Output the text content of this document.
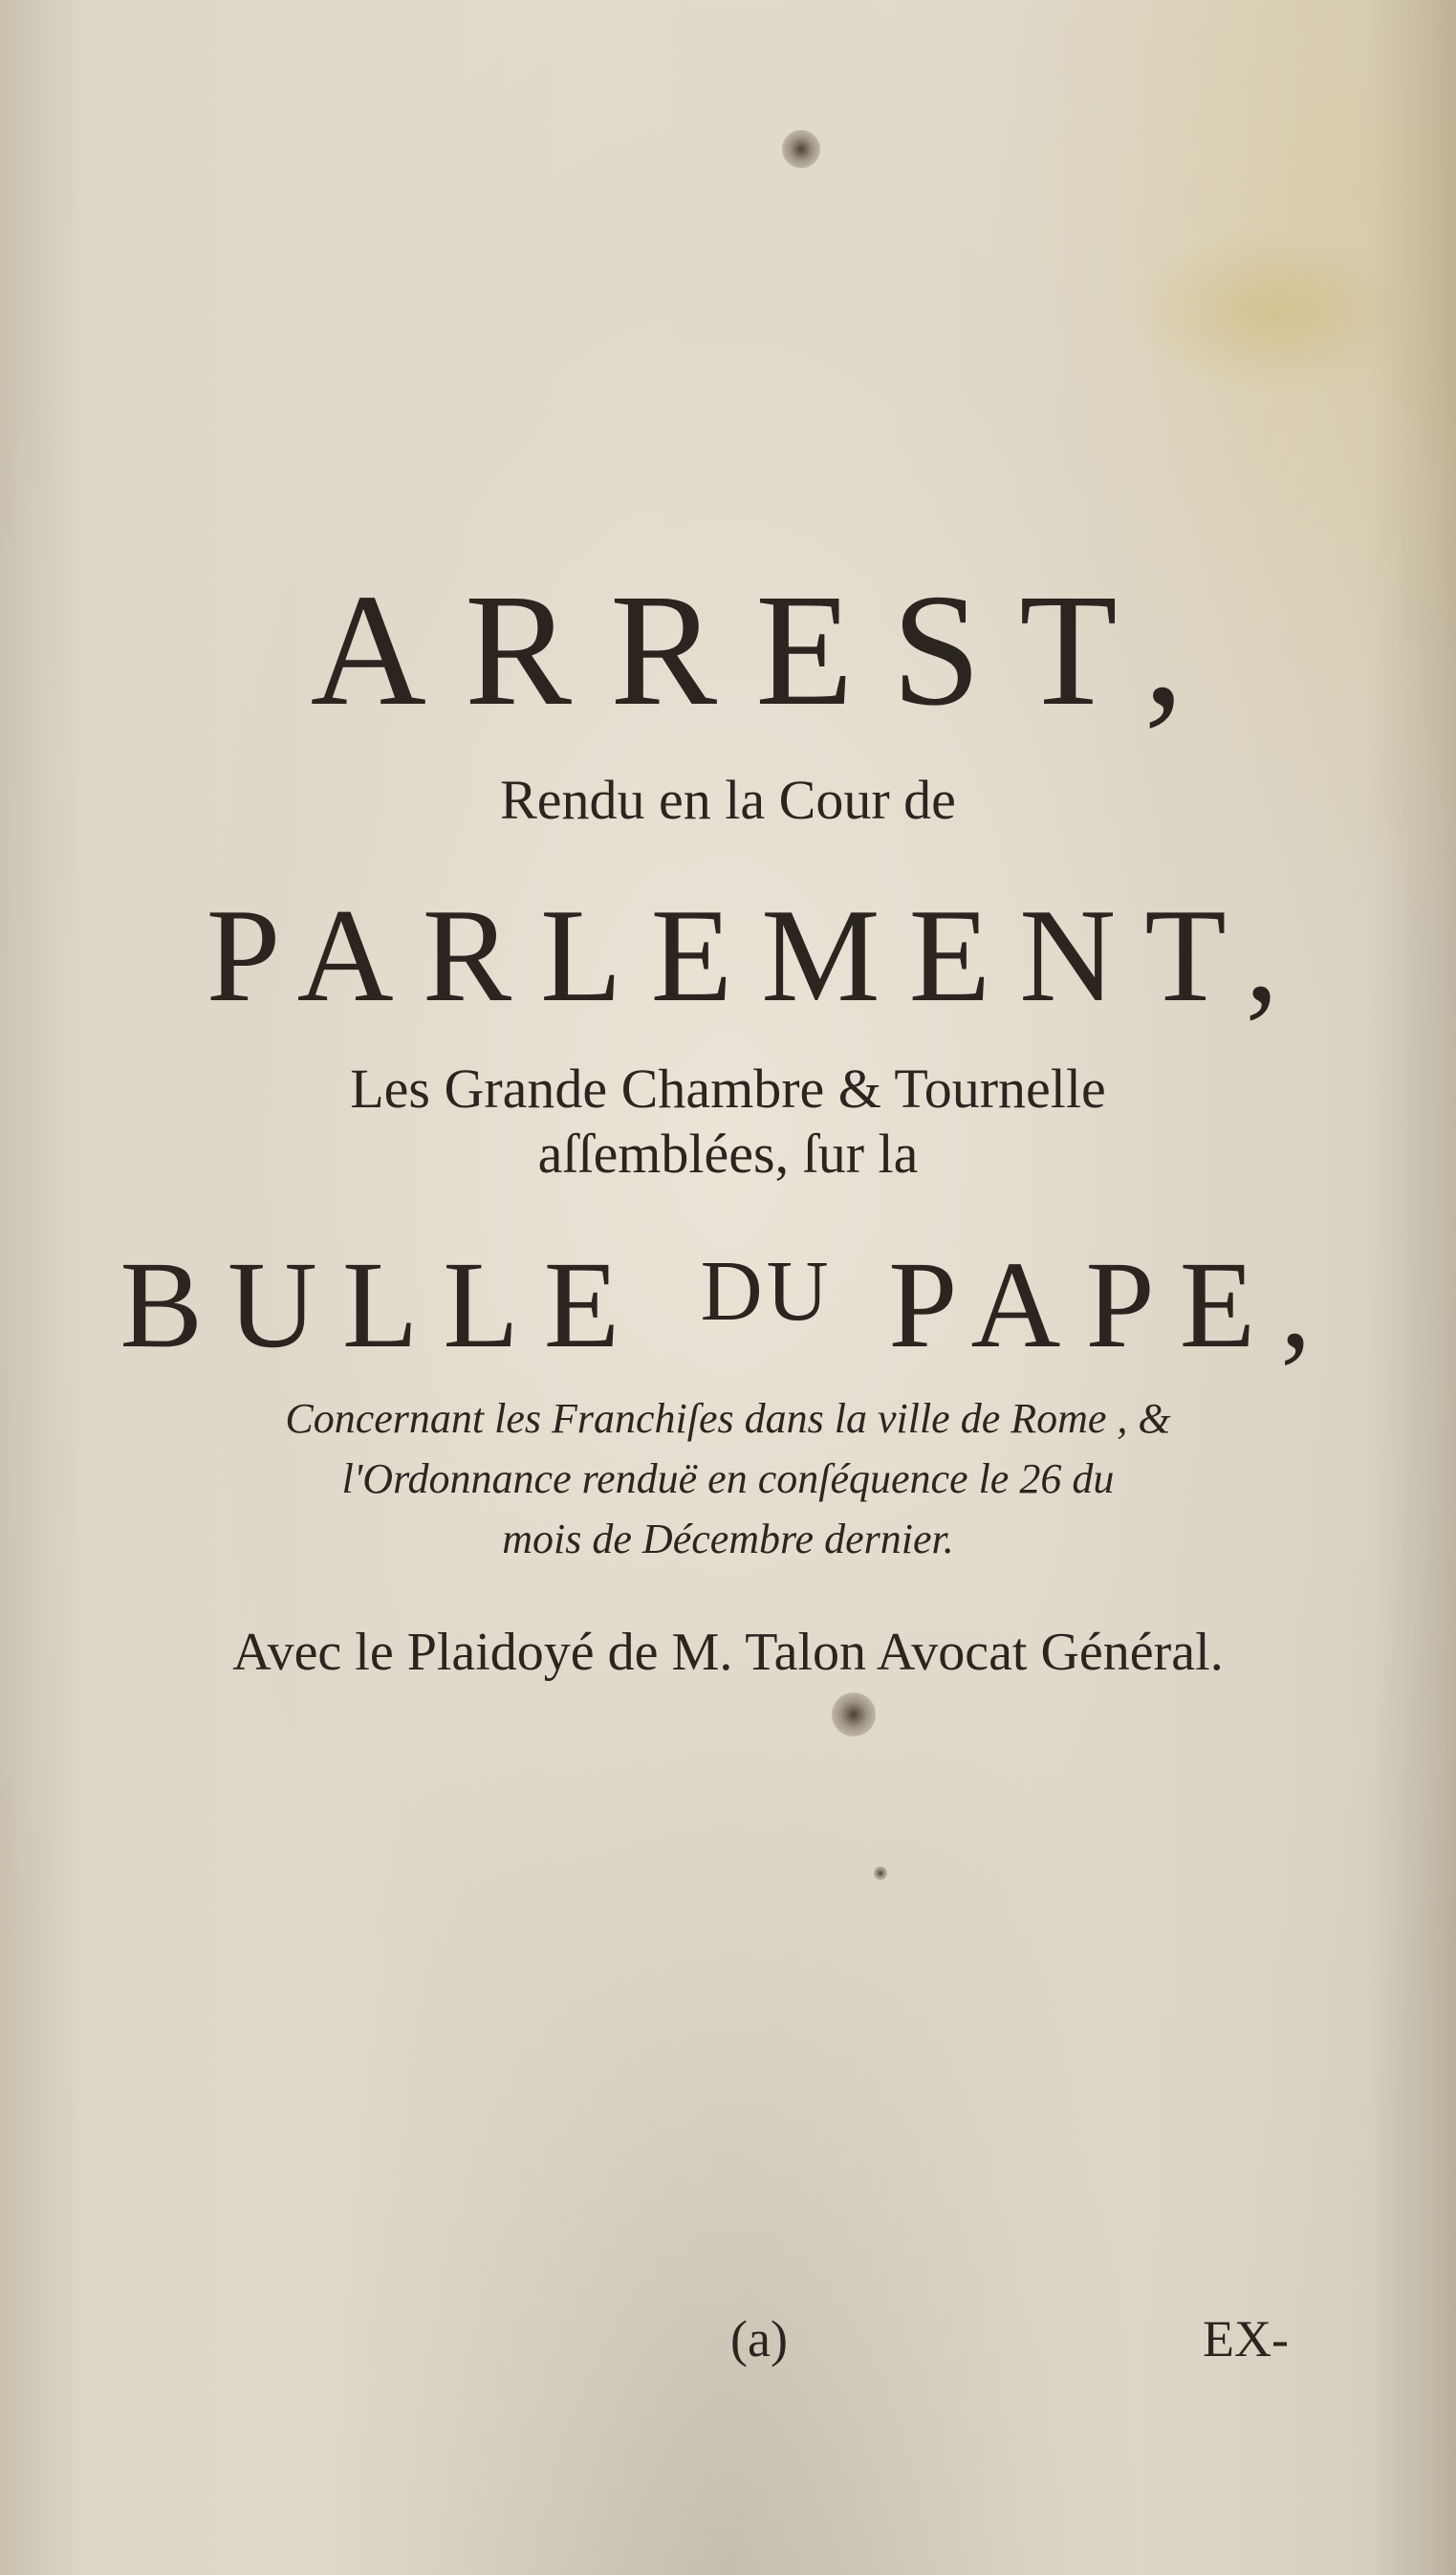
ARREST,
Rendu en la Cour de
PARLEMENT,
Les Grande Chambre & Tournelle
aſſemblées, ſur la
BULLE $^{DU}$ PAPE,
Concernant les Franchiſes dans la ville de Rome , &
l'Ordonnance renduë en conſéquence le 26 du
mois de Décembre dernier.
Avec le Plaidoyé de M. Talon Avocat Général.
(a)	EX-
